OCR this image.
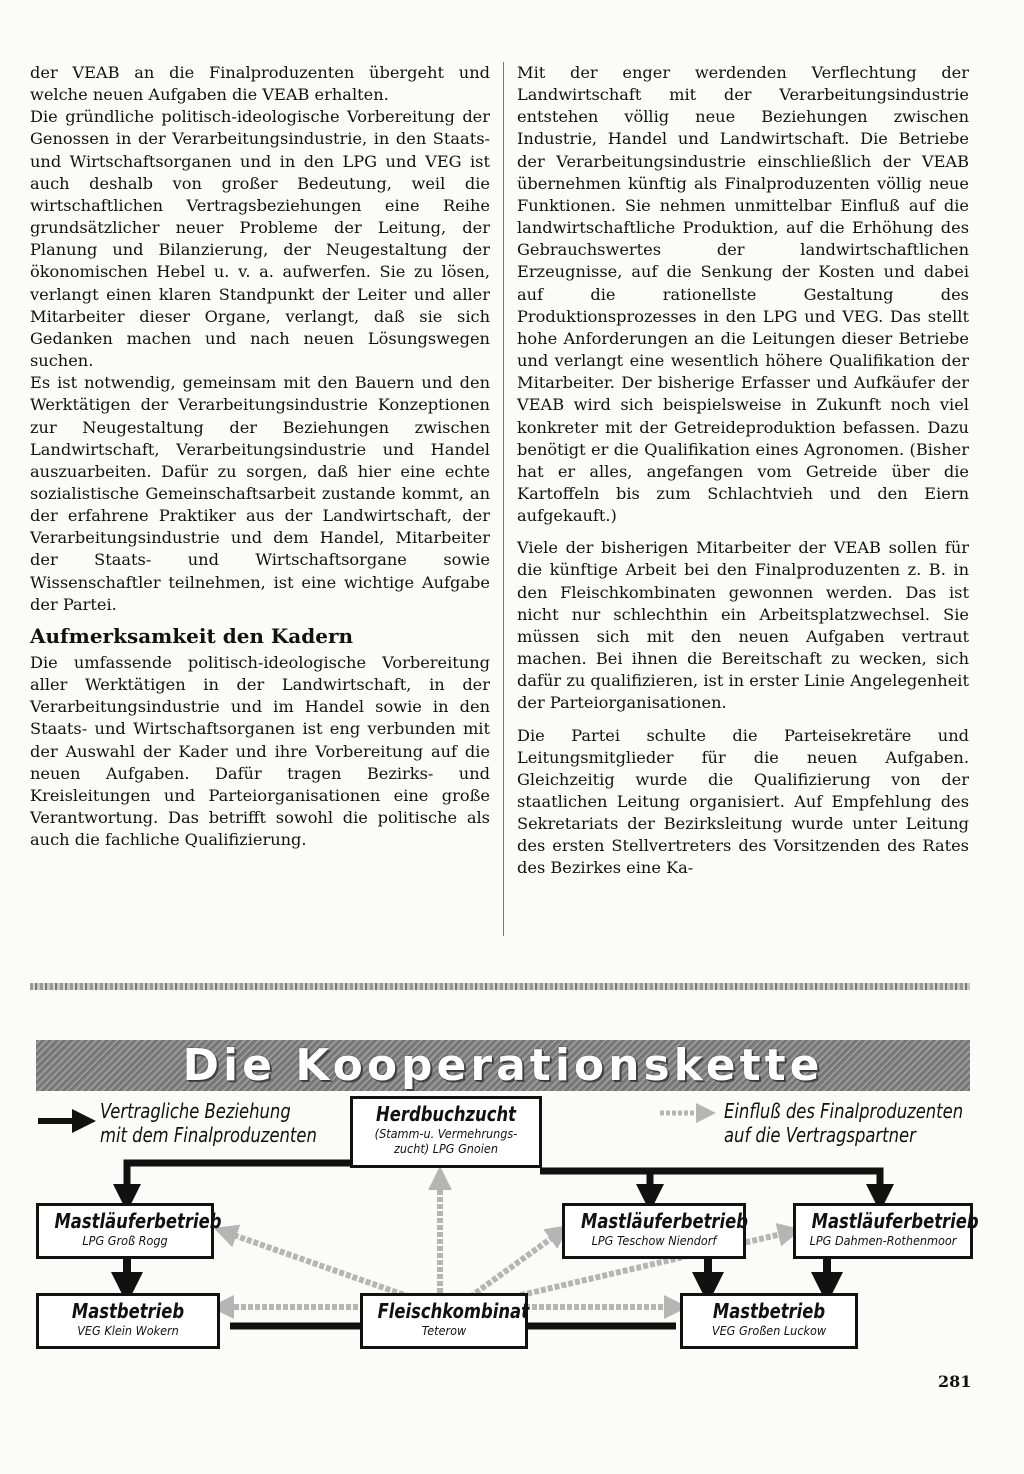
der VEAB an die Finalproduzenten übergeht und welche neuen Aufgaben die VEAB erhalten.

Die gründliche politisch-ideologische Vorbereitung der Genossen in der Verarbeitungsindustrie, in den Staats- und Wirtschaftsorganen und in den LPG und VEG ist auch deshalb von großer Bedeutung, weil die wirtschaftlichen Vertragsbeziehungen eine Reihe grundsätzlicher neuer Probleme der Leitung, der Planung und Bilanzierung, der Neugestaltung der ökonomischen Hebel u. v. a. aufwerfen. Sie zu lösen, verlangt einen klaren Standpunkt der Leiter und aller Mitarbeiter dieser Organe, verlangt, daß sie sich Gedanken machen und nach neuen Lösungswegen suchen.

Es ist notwendig, gemeinsam mit den Bauern und den Werktätigen der Verarbeitungsindustrie Konzeptionen zur Neugestaltung der Beziehungen zwischen Landwirtschaft, Verarbeitungsindustrie und Handel auszuarbeiten. Dafür zu sorgen, daß hier eine echte sozialistische Gemeinschaftsarbeit zustande kommt, an der erfahrene Praktiker aus der Landwirtschaft, der Verarbeitungsindustrie und dem Handel, Mitarbeiter der Staats- und Wirtschaftsorgane sowie Wissenschaftler teilnehmen, ist eine wichtige Aufgabe der Partei.

Aufmerksamkeit den Kadern

Die umfassende politisch-ideologische Vorbereitung aller Werktätigen in der Landwirtschaft, in der Verarbeitungsindustrie und im Handel sowie in den Staats- und Wirtschaftsorganen ist eng verbunden mit der Auswahl der Kader und ihre Vorbereitung auf die neuen Aufgaben. Dafür tragen Bezirks- und Kreisleitungen und Parteiorganisationen eine große Verantwortung. Das betrifft sowohl die politische als auch die fachliche Qualifizierung.

Mit der enger werdenden Verflechtung der Landwirtschaft mit der Verarbeitungsindustrie entstehen völlig neue Beziehungen zwischen Industrie, Handel und Landwirtschaft. Die Betriebe der Verarbeitungsindustrie einschließlich der VEAB übernehmen künftig als Finalproduzenten völlig neue Funktionen. Sie nehmen unmittelbar Einfluß auf die landwirtschaftliche Produktion, auf die Erhöhung des Gebrauchswertes der landwirtschaftlichen Erzeugnisse, auf die Senkung der Kosten und dabei auf die rationellste Gestaltung des Produktionsprozesses in den LPG und VEG. Das stellt hohe Anforderungen an die Leitungen dieser Betriebe und verlangt eine wesentlich höhere Qualifikation der Mitarbeiter. Der bisherige Erfasser und Aufkäufer der VEAB wird sich beispielsweise in Zukunft noch viel konkreter mit der Getreideproduktion befassen. Dazu benötigt er die Qualifikation eines Agronomen. (Bisher hat er alles, angefangen vom Getreide über die Kartoffeln bis zum Schlachtvieh und den Eiern aufgekauft.)

Viele der bisherigen Mitarbeiter der VEAB sollen für die künftige Arbeit bei den Finalproduzenten z. B. in den Fleischkombinaten gewonnen werden. Das ist nicht nur schlechthin ein Arbeitsplatzwechsel. Sie müssen sich mit den neuen Aufgaben vertraut machen. Bei ihnen die Bereitschaft zu wecken, sich dafür zu qualifizieren, ist in erster Linie Angelegenheit der Parteiorganisationen.

Die Partei schulte die Parteisekretäre und Leitungsmitglieder für die neuen Aufgaben. Gleichzeitig wurde die Qualifizierung von der staatlichen Leitung organisiert. Auf Empfehlung des Sekretariats der Bezirksleitung wurde unter Leitung des ersten Stellvertreters des Vorsitzenden des Rates des Bezirkes eine Ka-

Die Kooperationskette
Vertragliche Beziehung
mit dem Finalproduzenten
Einfluß des Finalproduzenten
auf die Vertragspartner
Herdbuchzucht
(Stamm-u. Vermehrungs-
zucht) LPG Gnoien
Mastläuferbetrieb
LPG Groß Rogg
Mastläuferbetrieb
LPG Teschow Niendorf
Mastläuferbetrieb
LPG Dahmen-Rothenmoor
Mastbetrieb
VEG Klein Wokern
Fleischkombinat
Teterow
Mastbetrieb
VEG Großen Luckow
281
